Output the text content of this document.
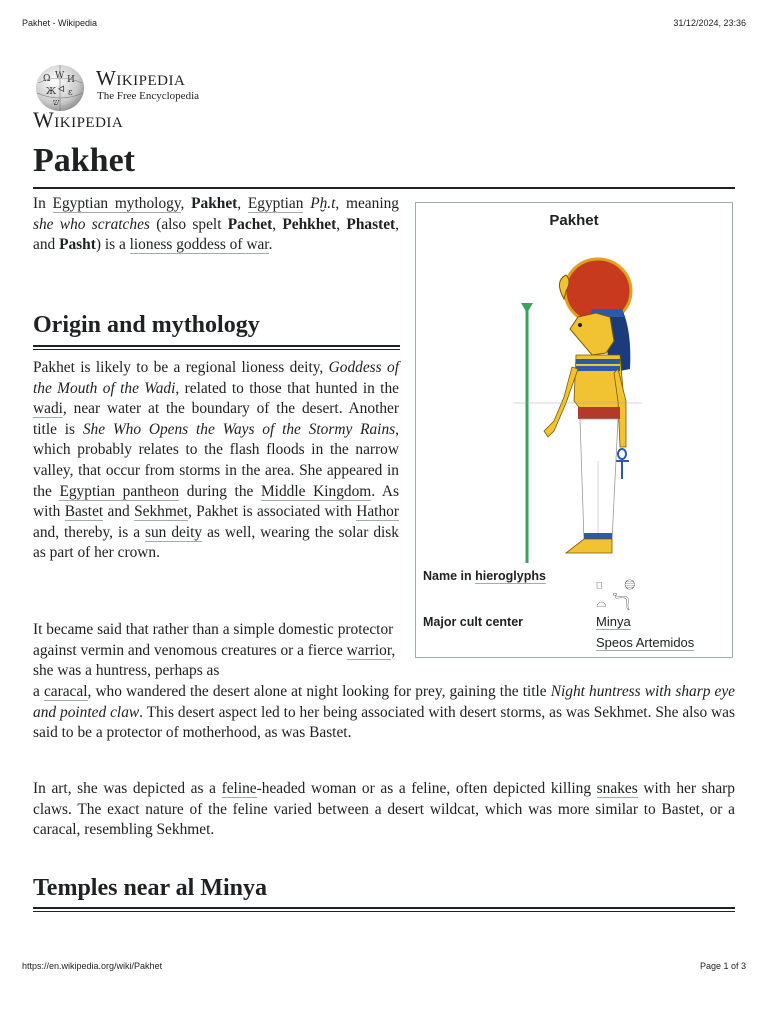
Pakhet - Wikipedia	31/12/2024, 23:36
Ω W И
Ж ᐊ ε
ש
Wikipedia
The Free Encyclopedia
Wikipedia
Pakhet

In Egyptian mythology, Pakhet, Egyptian Pḫ.t, meaning she who scratches (also spelt Pachet, Pehkhet, Phastet, and Pasht) is a lioness goddess of war.

Origin and mythology

Pakhet is likely to be a regional lioness deity, Goddess of the Mouth of the Wadi, related to those that hunted in the wadi, near water at the boundary of the desert. Another title is She Who Opens the Ways of the Stormy Rains, which probably relates to the flash floods in the narrow valley, that occur from storms in the area. She appeared in the Egyptian pantheon during the Middle Kingdom. As with Bastet and Sekhmet, Pakhet is associated with Hathor and, thereby, is a sun deity as well, wearing the solar disk as part of her crown.

It became said that rather than a simple domestic protector against vermin and venomous creatures or a fierce warrior, she was a huntress, perhaps as

a caracal, who wandered the desert alone at night looking for prey, gaining the title Night huntress with sharp eye and pointed claw. This desert aspect led to her being associated with desert storms, as was Sekhmet. She also was said to be a protector of motherhood, as was Bastet.

In art, she was depicted as a feline-headed woman or as a feline, often depicted killing snakes with her sharp claws. The exact nature of the feline varied between a desert wildcat, which was more similar to Bastet, or a caracal, resembling Sekhmet.

Temples near al Minya
Pakhet
Name in hieroglyphs	𓊪 𓐍
𓏏 𓆓
Major cult center	Minya
Speos Artemidos
https://en.wikipedia.org/wiki/Pakhet	Page 1 of 3
